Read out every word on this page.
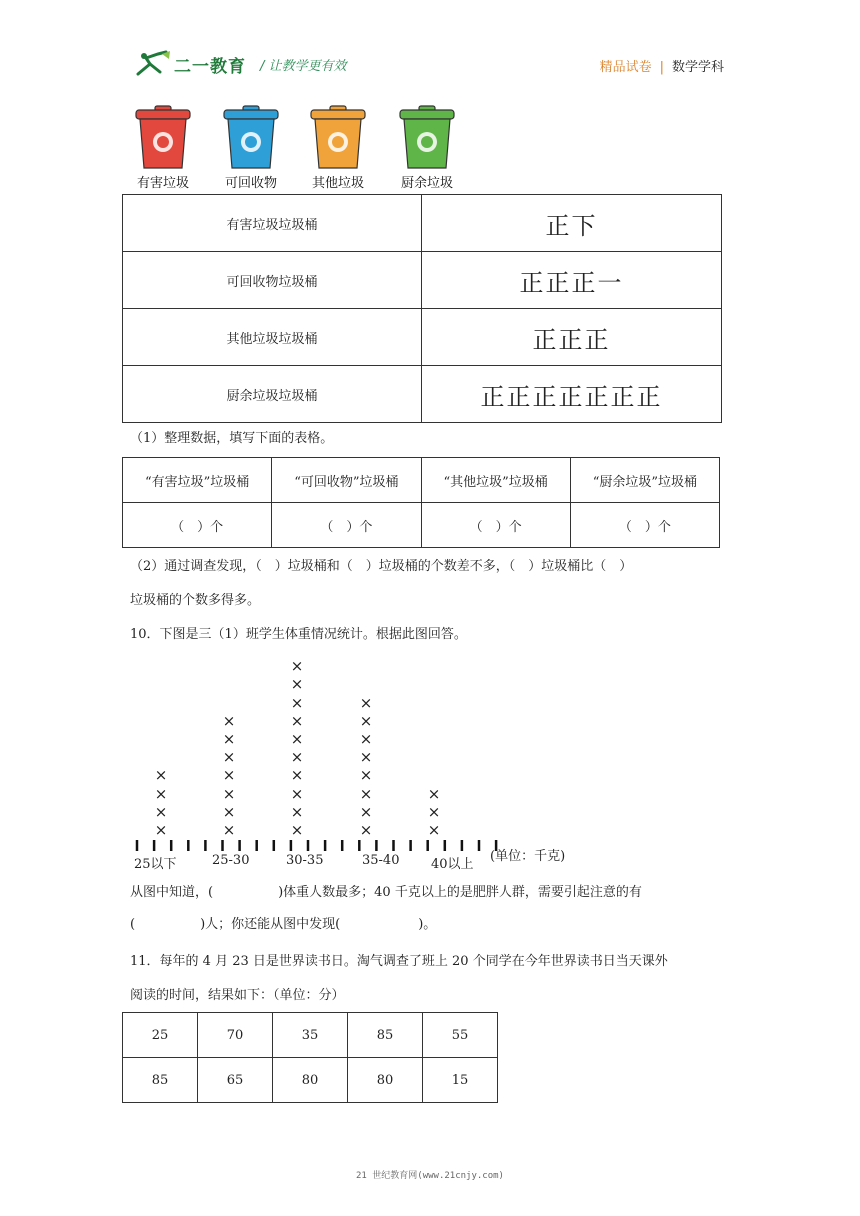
二一教育 / 让教学更有效	精品试卷 | 数学学科
有害垃圾	可回收物	其他垃圾	厨余垃圾
有害垃圾垃圾桶	正下
可回收物垃圾桶	正正正一
其他垃圾垃圾桶	正正正
厨余垃圾垃圾桶	正正正正正正正
（1）整理数据，填写下面的表格。
“有害垃圾”垃圾桶	“可回收物”垃圾桶	“其他垃圾”垃圾桶	“厨余垃圾”垃圾桶
（　）个	（　）个	（　）个	（　）个
（2）通过调查发现，（　）垃圾桶和（　）垃圾桶的个数差不多，（　）垃圾桶比（　）
垃圾桶的个数多得多。
10．下图是三（1）班学生体重情况统计。根据此图回答。
×
×
×
×
25以下
×
×
×
×
×
×
×
25-30
×
×
×
×
×
×
×
×
×
×
30-35
×
×
×
×
×
×
×
×
35-40
×
×
×
40以上
(单位：千克)
从图中知道，(　　　　　)体重人数最多；40 千克以上的是肥胖人群，需要引起注意的有
(　　　　　)人；你还能从图中发现(　　　　　　)。
11．每年的 4 月 23 日是世界读书日。淘气调查了班上 20 个同学在今年世界读书日当天课外
阅读的时间，结果如下：（单位：分）
25	70	35	85	55
85	65	80	80	15
21 世纪教育网(www.21cnjy.com)
